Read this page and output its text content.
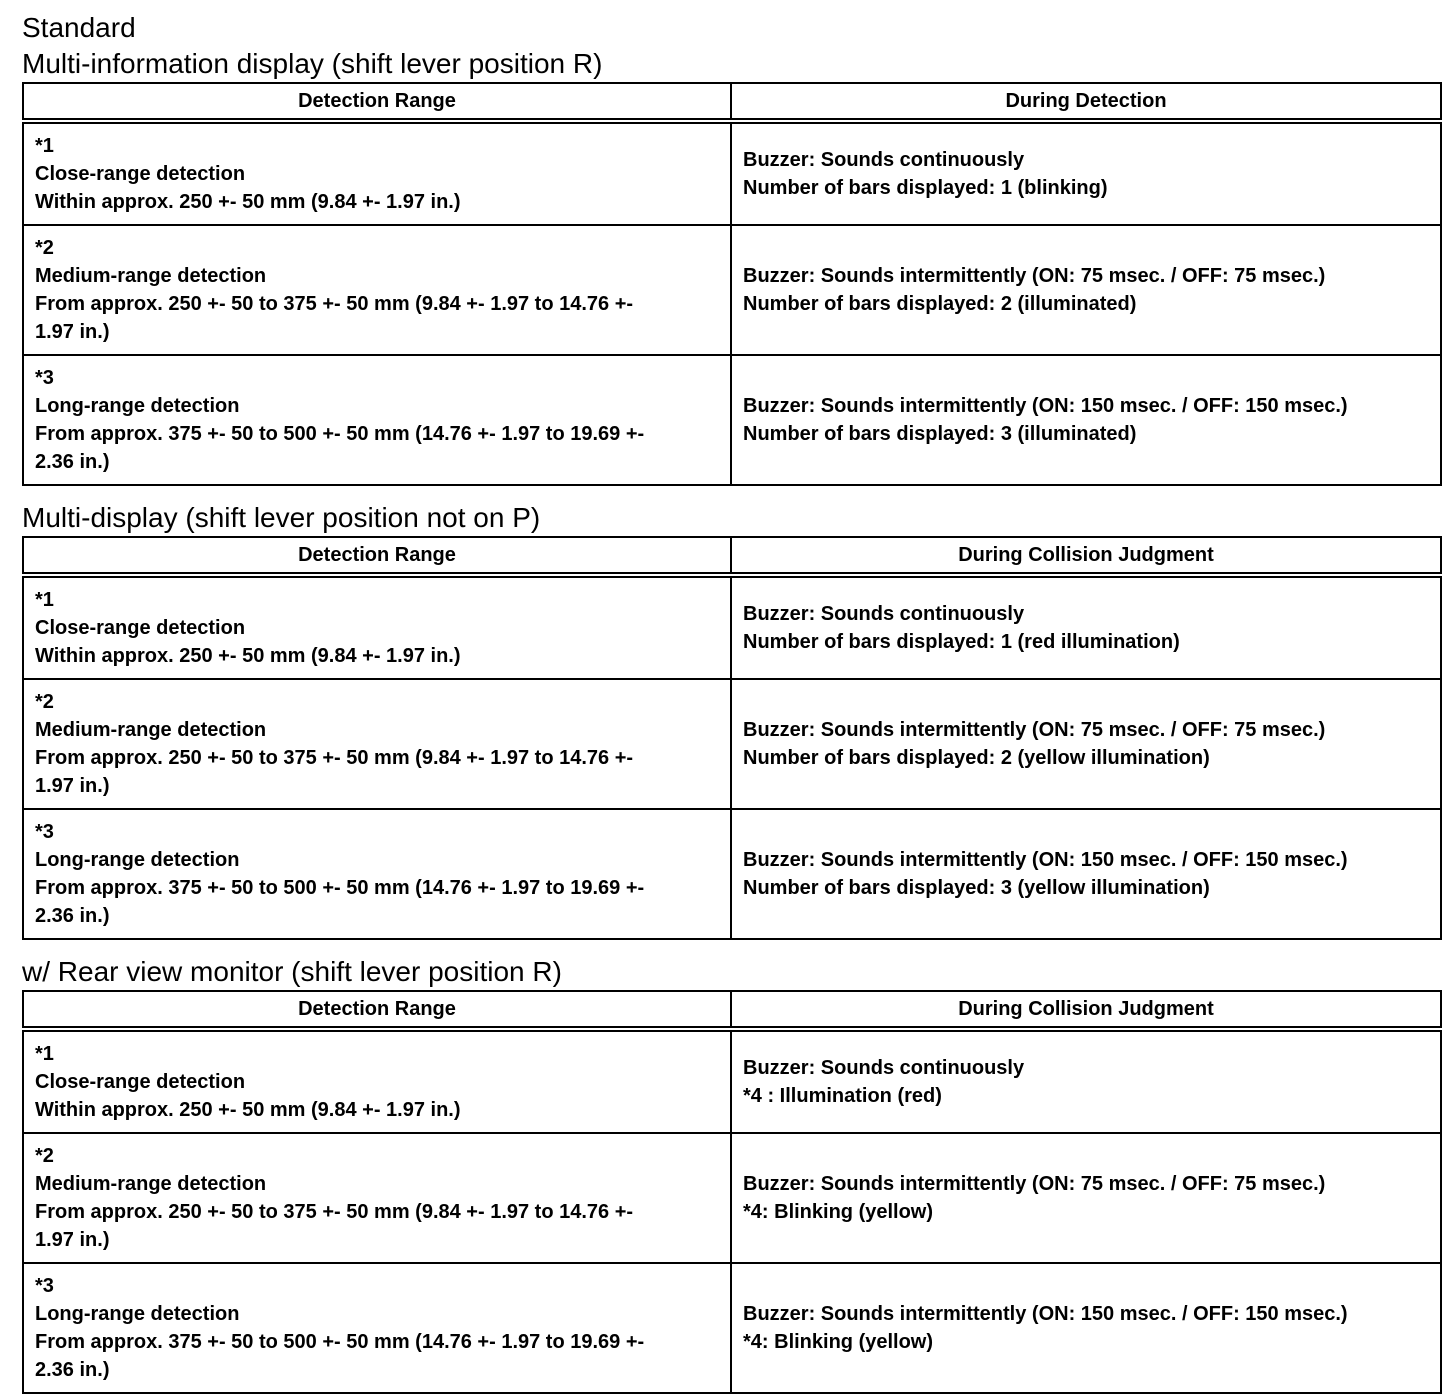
Standard
Multi-information display (shift lever position R)
Detection Range	During Detection

*1
Close-range detection
Within approx. 250 +- 50 mm (9.84 +- 1.97 in.)	Buzzer: Sounds continuously
Number of bars displayed: 1 (blinking)

*2
Medium-range detection
From approx. 250 +- 50 to 375 +- 50 mm (9.84 +- 1.97 to 14.76 +-
1.97 in.)	Buzzer: Sounds intermittently (ON: 75 msec. / OFF: 75 msec.)
Number of bars displayed: 2 (illuminated)

*3
Long-range detection
From approx. 375 +- 50 to 500 +- 50 mm (14.76 +- 1.97 to 19.69 +-
2.36 in.)	Buzzer: Sounds intermittently (ON: 150 msec. / OFF: 150 msec.)
Number of bars displayed: 3 (illuminated)
Multi-display (shift lever position not on P)
Detection Range	During Collision Judgment

*1
Close-range detection
Within approx. 250 +- 50 mm (9.84 +- 1.97 in.)	Buzzer: Sounds continuously
Number of bars displayed: 1 (red illumination)

*2
Medium-range detection
From approx. 250 +- 50 to 375 +- 50 mm (9.84 +- 1.97 to 14.76 +-
1.97 in.)	Buzzer: Sounds intermittently (ON: 75 msec. / OFF: 75 msec.)
Number of bars displayed: 2 (yellow illumination)

*3
Long-range detection
From approx. 375 +- 50 to 500 +- 50 mm (14.76 +- 1.97 to 19.69 +-
2.36 in.)	Buzzer: Sounds intermittently (ON: 150 msec. / OFF: 150 msec.)
Number of bars displayed: 3 (yellow illumination)
w/ Rear view monitor (shift lever position R)
Detection Range	During Collision Judgment

*1
Close-range detection
Within approx. 250 +- 50 mm (9.84 +- 1.97 in.)	Buzzer: Sounds continuously
*4 : Illumination (red)

*2
Medium-range detection
From approx. 250 +- 50 to 375 +- 50 mm (9.84 +- 1.97 to 14.76 +-
1.97 in.)	Buzzer: Sounds intermittently (ON: 75 msec. / OFF: 75 msec.)
*4: Blinking (yellow)

*3
Long-range detection
From approx. 375 +- 50 to 500 +- 50 mm (14.76 +- 1.97 to 19.69 +-
2.36 in.)	Buzzer: Sounds intermittently (ON: 150 msec. / OFF: 150 msec.)
*4: Blinking (yellow)
